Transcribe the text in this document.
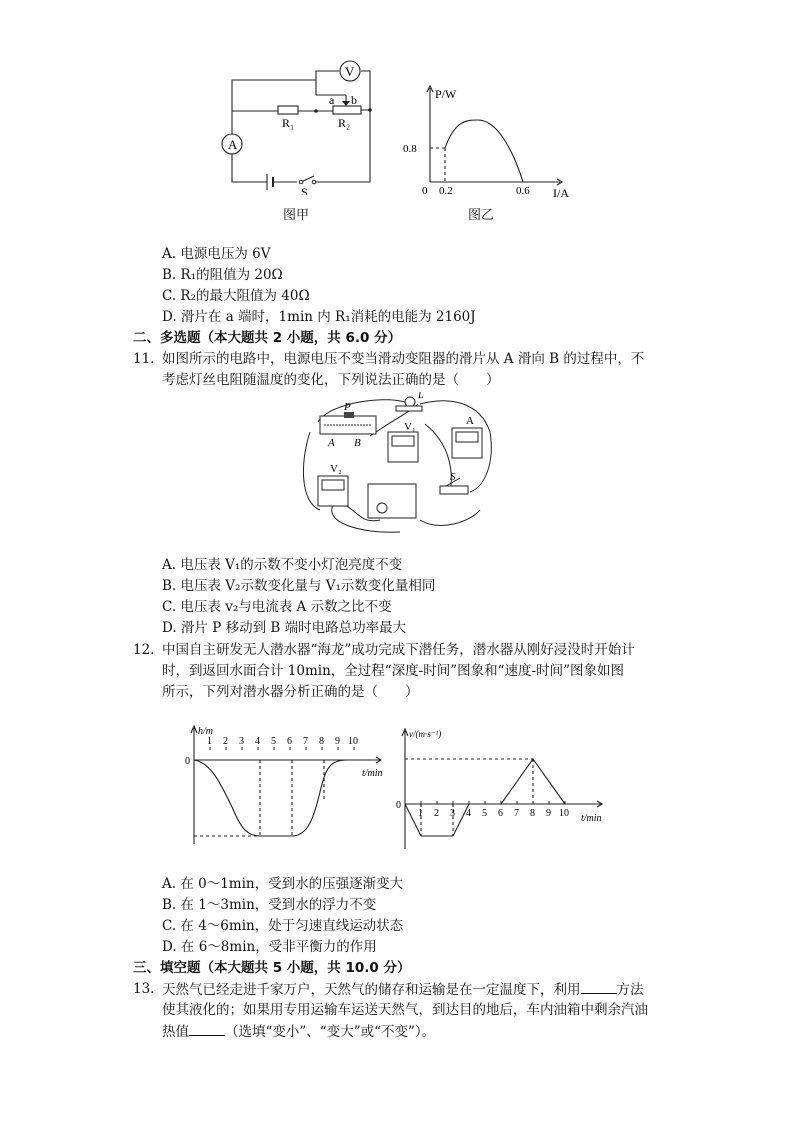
A
V
R₁	R₂
a b
S
图甲
P/W
I/A
0
0.8
0.2	0.6
图乙
A. 电源电压为 6V
B. R₁的阻值为 20Ω
C. R₂的最大阻值为 40Ω
D. 滑片在 a 端时，1min 内 R₁消耗的电能为 2160J
二、多选题（本大题共 2 小题，共 6.0 分）
11. 如图所示的电路中，电源电压不变当滑动变阻器的滑片从 A 滑向 B 的过程中，不
考虑灯丝电阻随温度的变化，下列说法正确的是（　　）
P
A B
L
V₁	A
V₂
S
A. 电压表 V₁的示数不变小灯泡亮度不变
B. 电压表 V₂示数变化量与 V₁示数变化量相同
C. 电压表 v₂与电流表 A 示数之比不变
D. 滑片 P 移动到 B 端时电路总功率最大
12. 中国自主研发无人潜水器“海龙”成功完成下潜任务，潜水器从刚好浸没时开始计
时，到返回水面合计 10min，全过程“深度-时间”图象和“速度-时间”图象如图
所示，下列对潜水器分析正确的是（　　）
1 2 3 4 5 6 7 8 9 10
h/m
t/min
0
1 2 3 4 5 6 7 8 9 10
v/(m·s⁻¹)
t/min
0
A. 在 0～1min，受到水的压强逐渐变大
B. 在 1～3min，受到水的浮力不变
C. 在 4～6min，处于匀速直线运动状态
D. 在 6～8min，受非平衡力的作用
三、填空题（本大题共 5 小题，共 10.0 分）
13. 天然气已经走进千家万户，天然气的储存和运输是在一定温度下，利用	方法
使其液化的；如果用专用运输车运送天然气，到达目的地后，车内油箱中剩余汽油
热值	（选填“变小”、“变大”或“不变”）。
